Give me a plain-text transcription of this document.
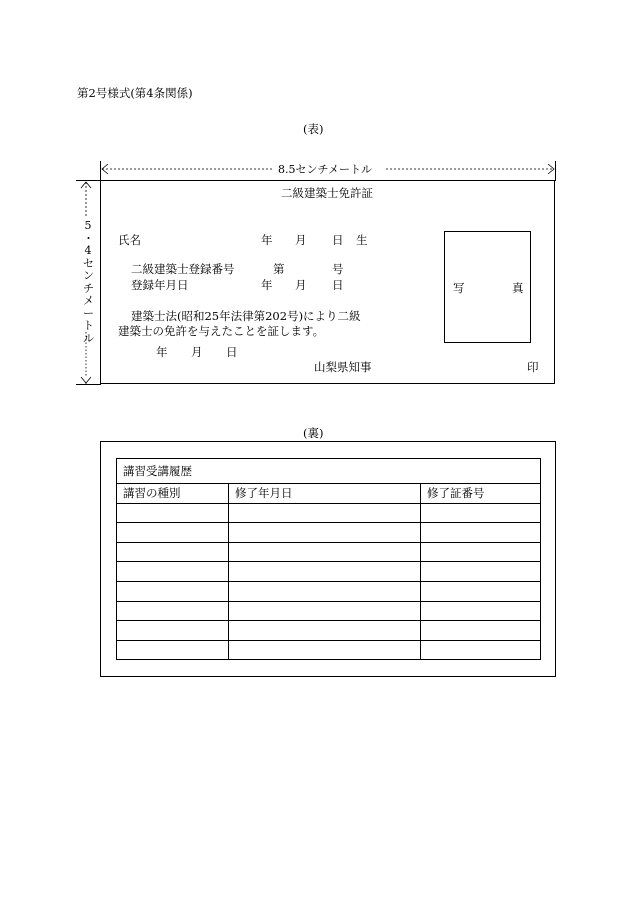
第2号様式(第4条関係)
(表)
8.5センチメートル
5
・
4
セ
ン
チ
メ
ー
ト
ル
二級建築士免許証
氏名	年 月 日 生
二級建築士登録番号	第	号
登録年月日	年 月 日
建築士法(昭和25年法律第202号)により二級
建築士の免許を与えたことを証します。
年 月 日
山梨県知事	印
写	真
(裏)
講習受講履歴		
講習の種別	修了年月日	修了証番号
